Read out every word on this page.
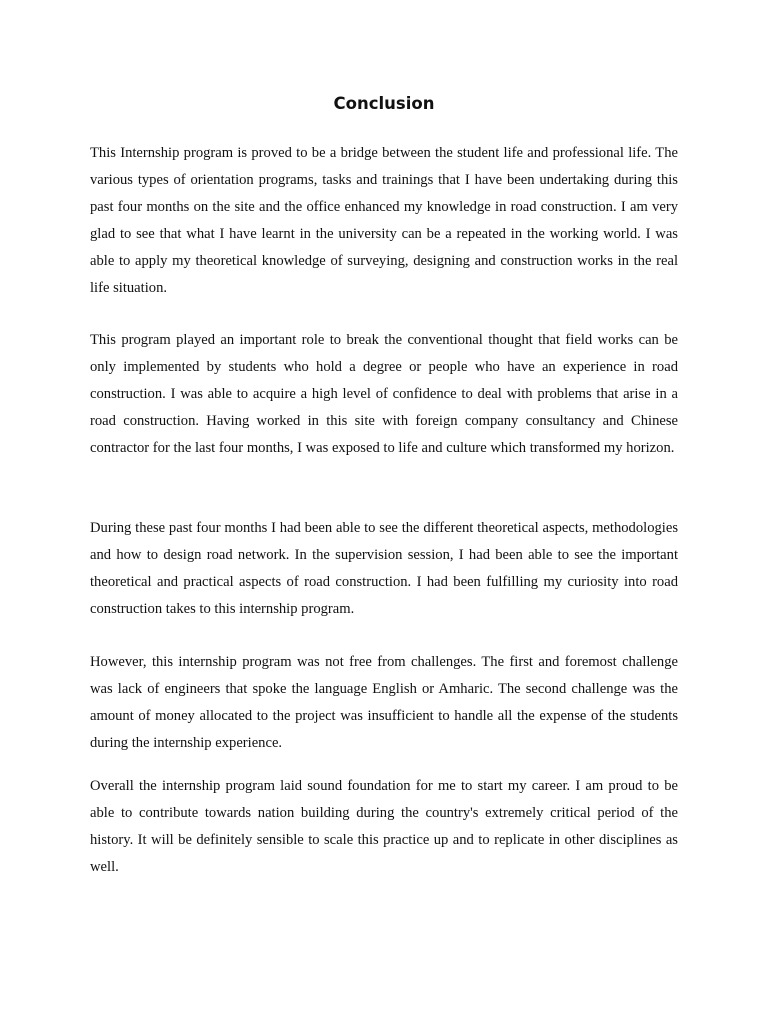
Conclusion

This Internship program is proved to be a bridge between the student life and professional life. The various types of orientation programs, tasks and trainings that I have been undertaking during this past four months on the site and the office enhanced my knowledge in road construction. I am very glad to see that what I have learnt in the university can be a repeated in the working world. I was able to apply my theoretical knowledge of surveying, designing and construction works in the real life situation.

This program played an important role to break the conventional thought that field works can be only implemented by students who hold a degree or people who have an experience in road construction. I was able to acquire a high level of confidence to deal with problems that arise in a road construction. Having worked in this site with foreign company consultancy and Chinese contractor for the last four months, I was exposed to life and culture which transformed my horizon.

During these past four months I had been able to see the different theoretical aspects, methodologies and how to design road network. In the supervision session, I had been able to see the important theoretical and practical aspects of road construction. I had been fulfilling my curiosity into road construction takes to this internship program.

However, this internship program was not free from challenges. The first and foremost challenge was lack of engineers that spoke the language English or Amharic. The second challenge was the amount of money allocated to the project was insufficient to handle all the expense of the students during the internship experience.

Overall the internship program laid sound foundation for me to start my career. I am proud to be able to contribute towards nation building during the country's extremely critical period of the history. It will be definitely sensible to scale this practice up and to replicate in other disciplines as well.
